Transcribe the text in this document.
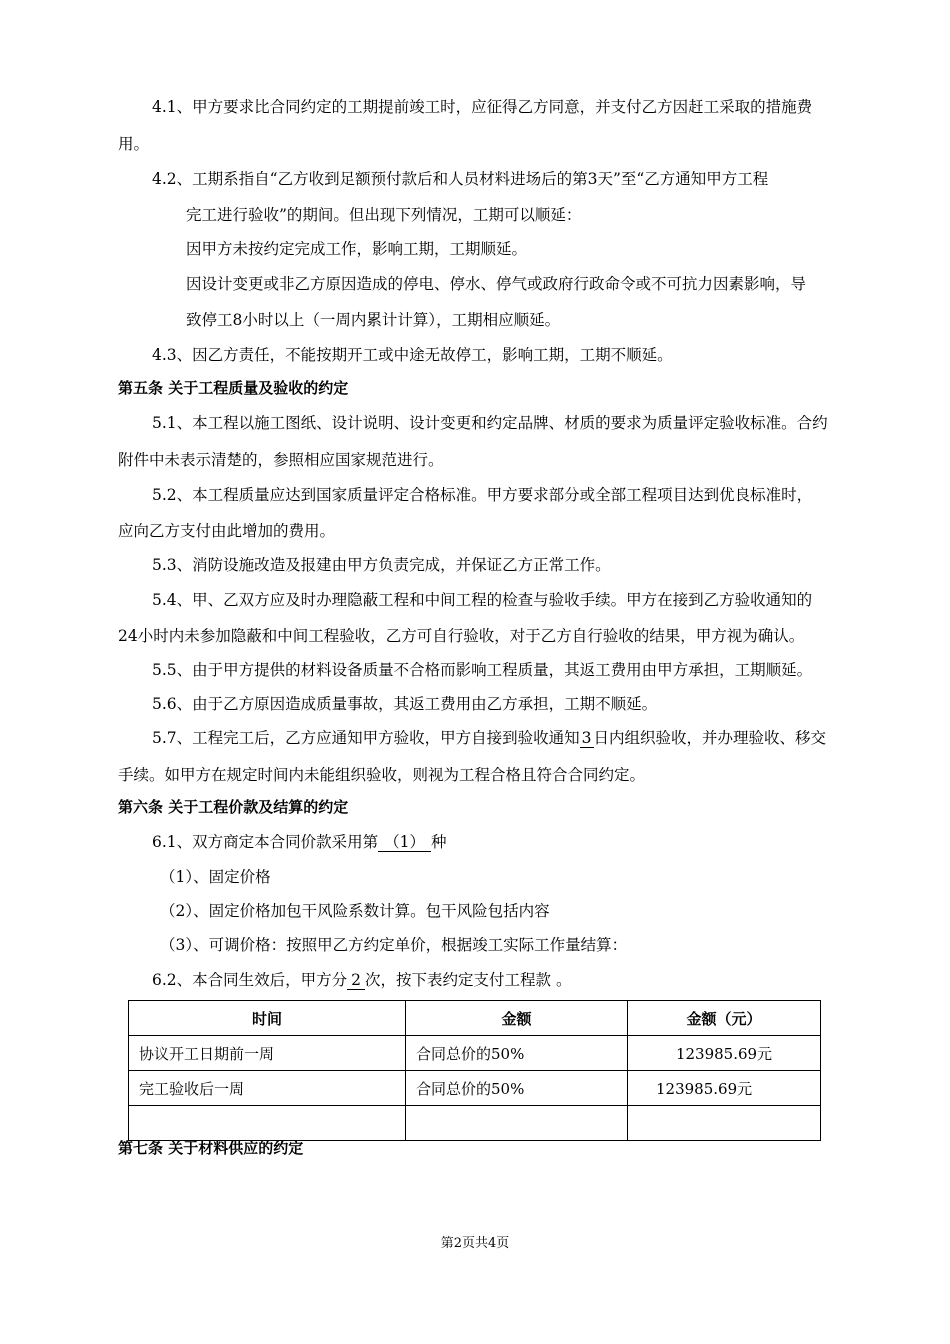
4.1、甲方要求比合同约定的工期提前竣工时，应征得乙方同意，并支付乙方因赶工采取的措施费
用。
4.2、工期系指自“乙方收到足额预付款后和人员材料进场后的第3天”至“乙方通知甲方工程
完工进行验收”的期间。但出现下列情况，工期可以顺延：
因甲方未按约定完成工作，影响工期，工期顺延。
因设计变更或非乙方原因造成的停电、停水、停气或政府行政命令或不可抗力因素影响，导
致停工8小时以上（一周内累计计算），工期相应顺延。
4.3、因乙方责任，不能按期开工或中途无故停工，影响工期，工期不顺延。
第五条 关于工程质量及验收的约定
5.1、本工程以施工图纸、设计说明、设计变更和约定品牌、材质的要求为质量评定验收标准。合约
附件中未表示清楚的，参照相应国家规范进行。
5.2、本工程质量应达到国家质量评定合格标准。甲方要求部分或全部工程项目达到优良标准时，
应向乙方支付由此增加的费用。
5.3、消防设施改造及报建由甲方负责完成，并保证乙方正常工作。
5.4、甲、乙双方应及时办理隐蔽工程和中间工程的检查与验收手续。甲方在接到乙方验收通知的
24小时内未参加隐蔽和中间工程验收，乙方可自行验收，对于乙方自行验收的结果，甲方视为确认。
5.5、由于甲方提供的材料设备质量不合格而影响工程质量，其返工费用由甲方承担，工期顺延。
5.6、由于乙方原因造成质量事故，其返工费用由乙方承担，工期不顺延。
5.7、工程完工后，乙方应通知甲方验收，甲方自接到验收通知 3 日内组织验收，并办理验收、移交
手续。如甲方在规定时间内未能组织验收，则视为工程合格且符合合同约定。
第六条 关于工程价款及结算的约定
6.1、双方商定本合同价款采用第 （1） 种
（1）、固定价格
（2）、固定价格加包干风险系数计算。包干风险包括内容
（3）、可调价格：按照甲乙方约定单价，根据竣工实际工作量结算：
6.2、本合同生效后，甲方分 2 次，按下表约定支付工程款 。
时间	金额	金额（元）
协议开工日期前一周	合同总价的50%	123985.69元
完工验收后一周	合同总价的50%	123985.69元

第七条 关于材料供应的约定
第2页共4页
